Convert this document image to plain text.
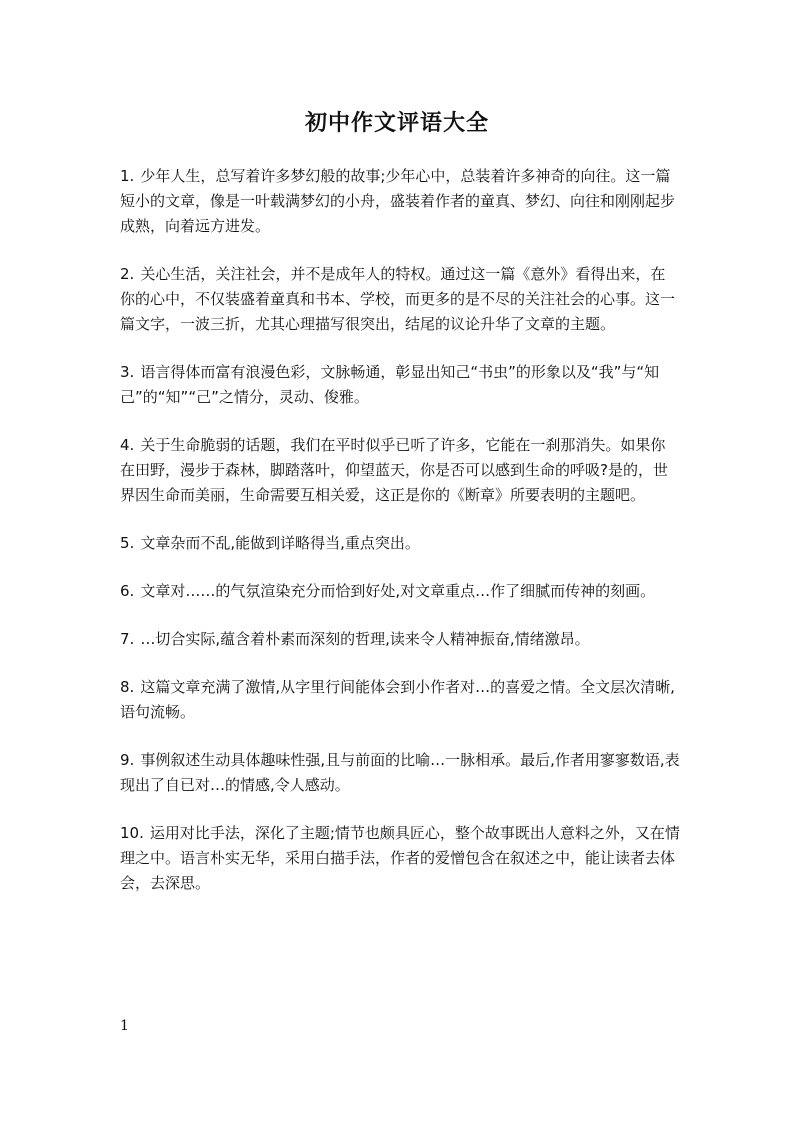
初中作文评语大全

1. 少年人生，总写着许多梦幻般的故事;少年心中，总装着许多神奇的向往。这一篇短小的文章，像是一叶载满梦幻的小舟，盛装着作者的童真、梦幻、向往和刚刚起步成熟，向着远方进发。

2. 关心生活，关注社会，并不是成年人的特权。通过这一篇《意外》看得出来，在你的心中，不仅装盛着童真和书本、学校，而更多的是不尽的关注社会的心事。这一篇文字，一波三折，尤其心理描写很突出，结尾的议论升华了文章的主题。

3. 语言得体而富有浪漫色彩，文脉畅通，彰显出知己“书虫”的形象以及“我”与“知己”的“知”“己”之情分，灵动、俊雅。

4. 关于生命脆弱的话题，我们在平时似乎已听了许多，它能在一刹那消失。如果你在田野，漫步于森林，脚踏落叶，仰望蓝天，你是否可以感到生命的呼吸?是的，世界因生命而美丽，生命需要互相关爱，这正是你的《断章》所要表明的主题吧。

5. 文章杂而不乱,能做到详略得当,重点突出。

6. 文章对……的气氛渲染充分而恰到好处,对文章重点…作了细腻而传神的刻画。

7. …切合实际,蕴含着朴素而深刻的哲理,读来令人精神振奋,情绪激昂。

8. 这篇文章充满了激情,从字里行间能体会到小作者对…的喜爱之情。全文层次清晰,语句流畅。

9. 事例叙述生动具体趣味性强,且与前面的比喻…一脉相承。最后,作者用寥寥数语,表现出了自已对…的情感,令人感动。

10. 运用对比手法，深化了主题;情节也颇具匠心，整个故事既出人意料之外，又在情理之中。语言朴实无华，采用白描手法，作者的爱憎包含在叙述之中，能让读者去体会，去深思。

1
